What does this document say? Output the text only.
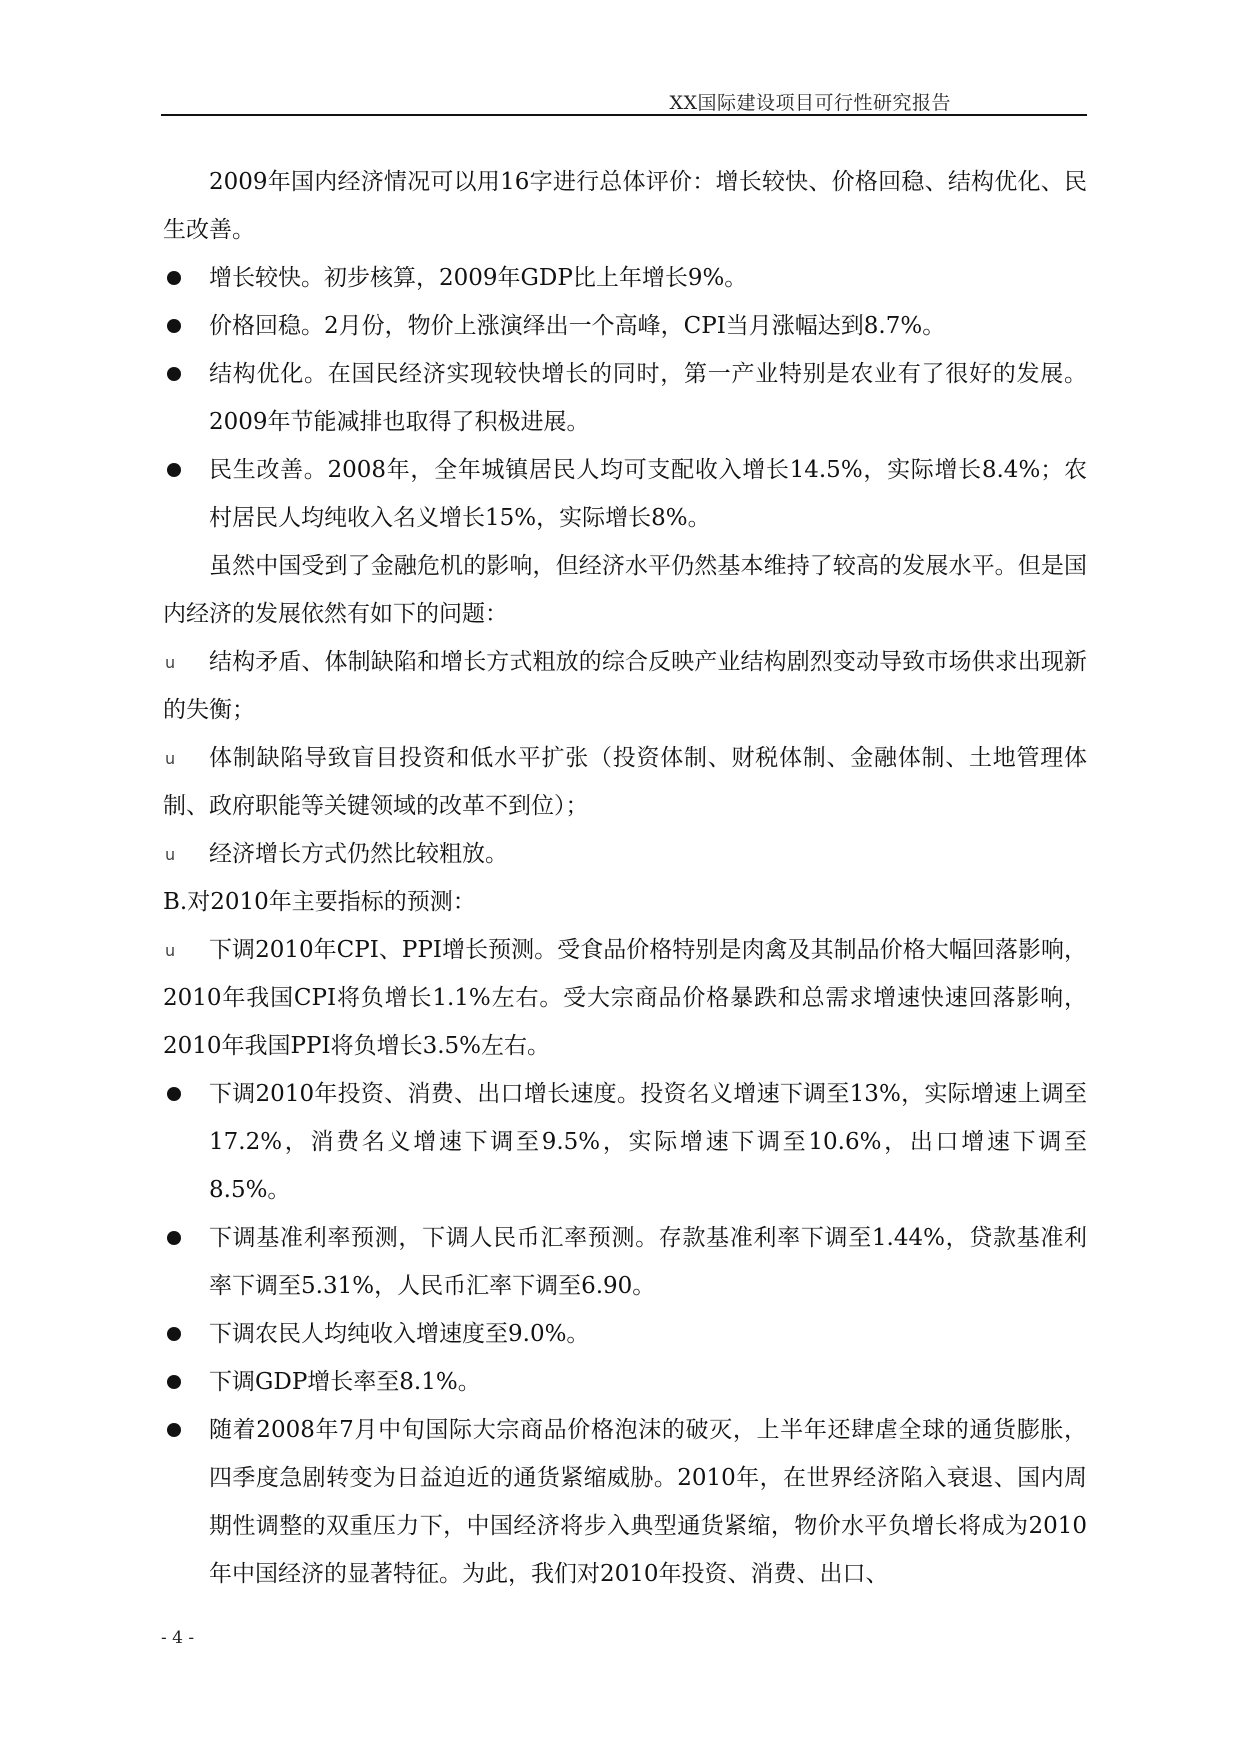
XX国际建设项目可行性研究报告

2009年国内经济情况可以用16字进行总体评价：增长较快、价格回稳、结构优化、民生改善。

增长较快。初步核算，2009年GDP比上年增长9%。
价格回稳。2月份，物价上涨演绎出一个高峰，CPI当月涨幅达到8.7%。
结构优化。在国民经济实现较快增长的同时，第一产业特别是农业有了很好的发展。2009年节能减排也取得了积极进展。
民生改善。2008年，全年城镇居民人均可支配收入增长14.5%，实际增长8.4%；农村居民人均纯收入名义增长15%，实际增长8%。

虽然中国受到了金融危机的影响，但经济水平仍然基本维持了较高的发展水平。但是国内经济的发展依然有如下的问题：

u	结构矛盾、体制缺陷和增长方式粗放的综合反映产业结构剧烈变动导致市场供求出现新的失衡；
u	体制缺陷导致盲目投资和低水平扩张（投资体制、财税体制、金融体制、土地管理体制、政府职能等关键领域的改革不到位）；
u	经济增长方式仍然比较粗放。

B.对2010年主要指标的预测：

u	下调2010年CPI、PPI增长预测。受食品价格特别是肉禽及其制品价格大幅回落影响，2010年我国CPI将负增长1.1%左右。受大宗商品价格暴跌和总需求增速快速回落影响，2010年我国PPI将负增长3.5%左右。
下调2010年投资、消费、出口增长速度。投资名义增速下调至13%，实际增速上调至17.2%，消费名义增速下调至9.5%，实际增速下调至10.6%，出口增速下调至8.5%。
下调基准利率预测，下调人民币汇率预测。存款基准利率下调至1.44%，贷款基准利率下调至5.31%，人民币汇率下调至6.90。
下调农民人均纯收入增速度至9.0%。
下调GDP增长率至8.1%。
随着2008年7月中旬国际大宗商品价格泡沫的破灭，上半年还肆虐全球的通货膨胀，四季度急剧转变为日益迫近的通货紧缩威胁。2010年，在世界经济陷入衰退、国内周期性调整的双重压力下，中国经济将步入典型通货紧缩，物价水平负增长将成为2010年中国经济的显著特征。为此，我们对2010年投资、消费、出口、
- 4 -
